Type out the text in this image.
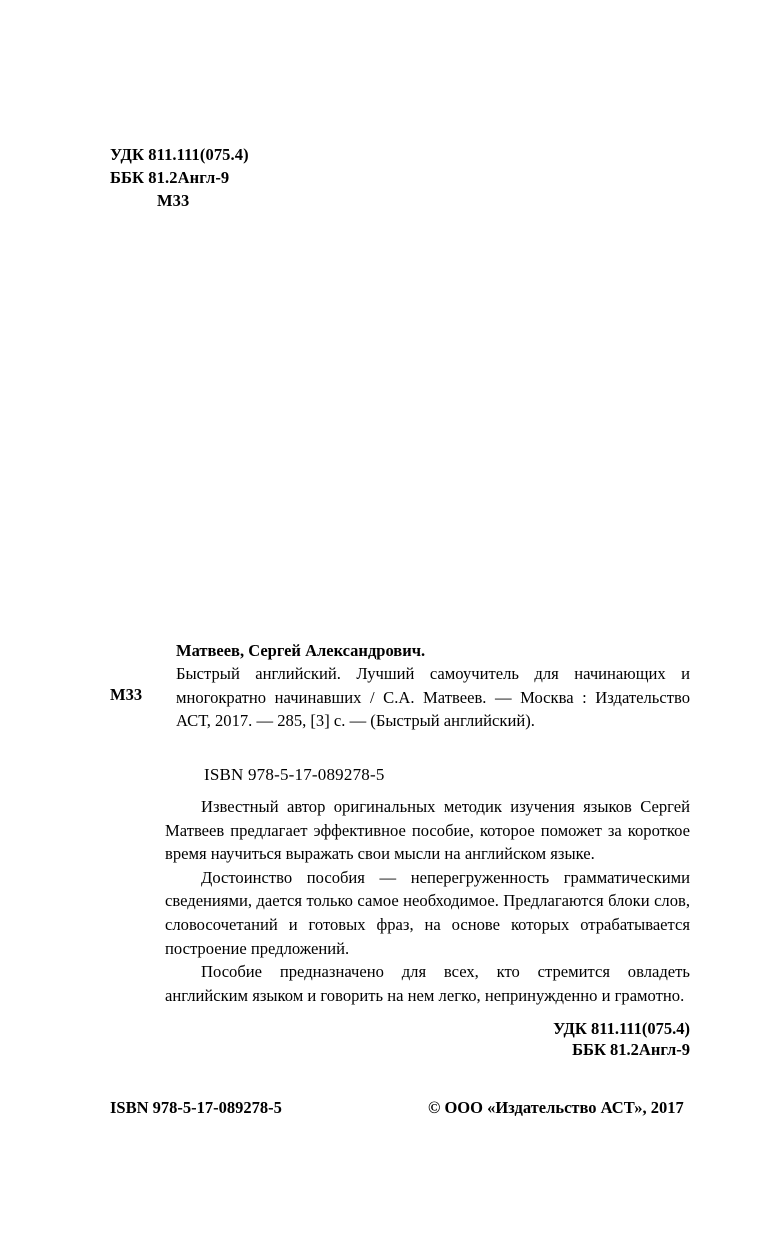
УДК 811.111(075.4)
ББК 81.2Англ-9
М33
Матвеев, Сергей Александрович.
М33
Быстрый английский. Лучший самоучитель для начинающих и многократно начинавших / С.А. Матвеев. — Москва : Издательство АСТ, 2017. — 285, [3] с. — (Быстрый английский).
ISBN 978-5-17-089278-5

Известный автор оригинальных методик изучения языков Сергей Матвеев предлагает эффективное пособие, которое поможет за короткое время научиться выражать свои мысли на английском языке.

Достоинство пособия — неперегруженность грамматическими сведениями, дается только самое необходимое. Предлагаются блоки слов, словосочетаний и готовых фраз, на основе которых отрабатывается построение предложений.

Пособие предназначено для всех, кто стремится овладеть английским языком и говорить на нем легко, непринужденно и грамотно.

УДК 811.111(075.4)
ББК 81.2Англ-9
ISBN 978-5-17-089278-5	© ООО «Издательство АСТ», 2017
